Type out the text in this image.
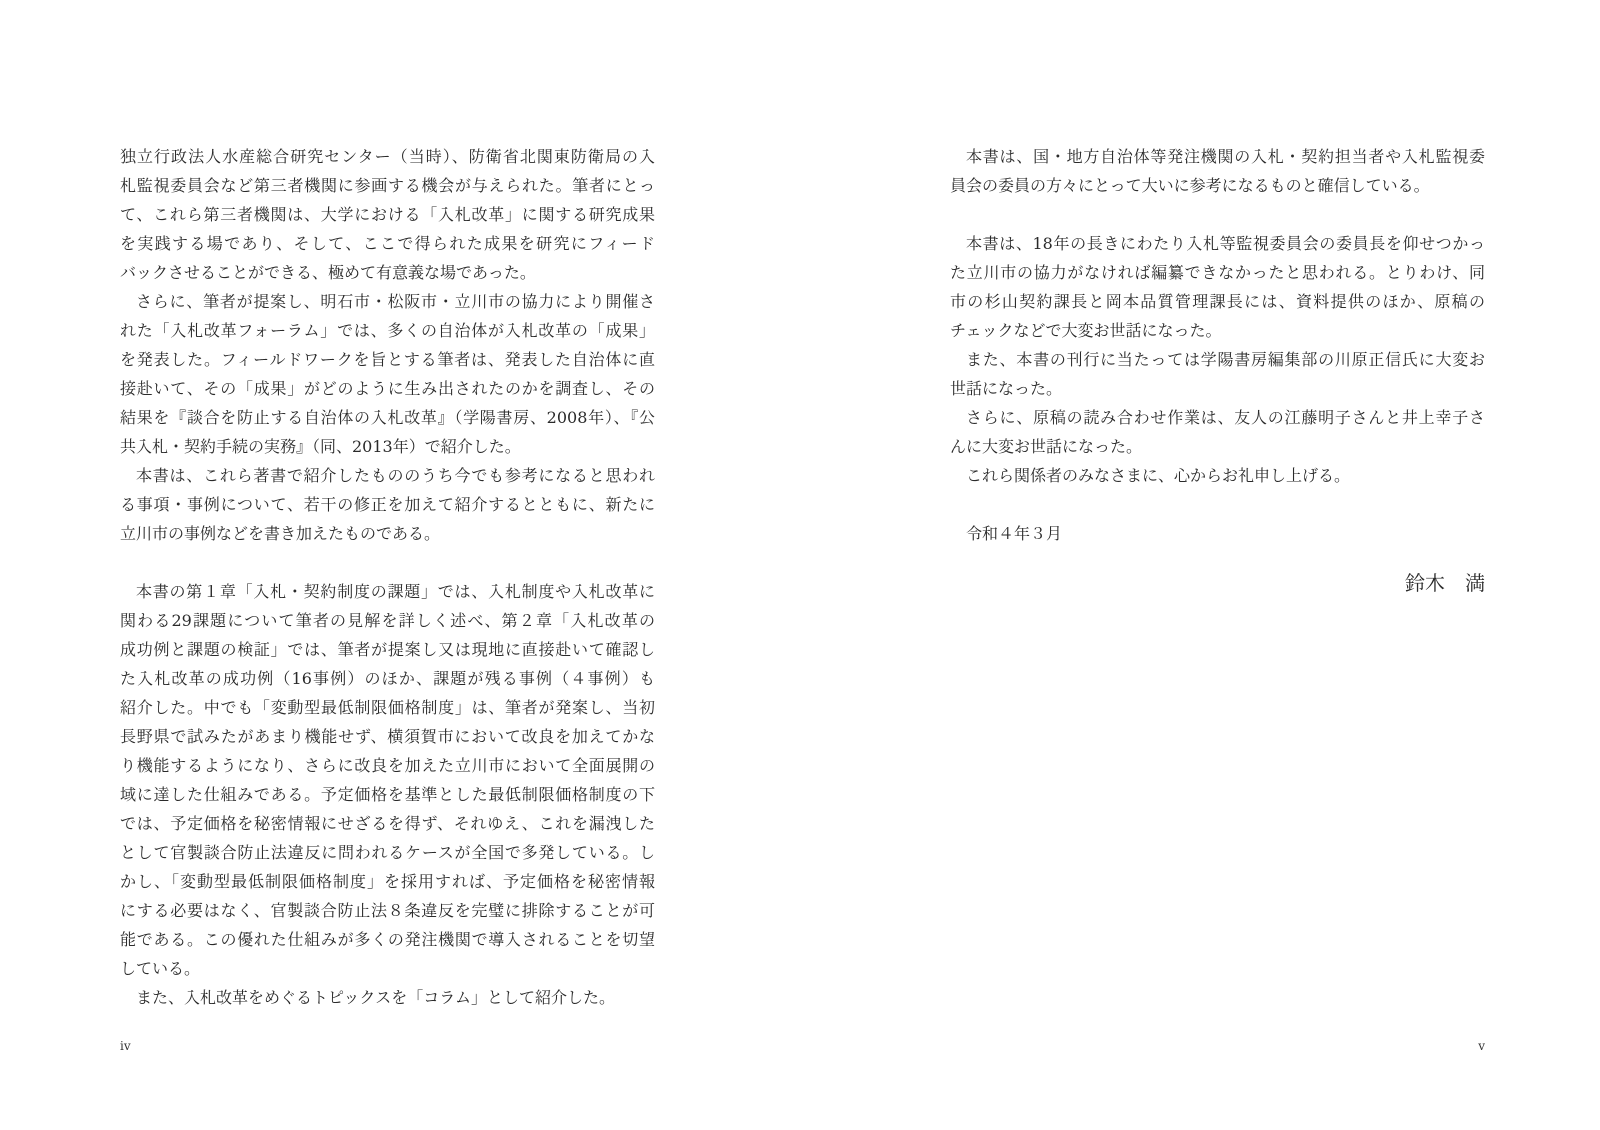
独立行政法人水産総合研究センター（当時）、防衛省北関東防衛局の入
札監視委員会など第三者機関に参画する機会が与えられた。筆者にとっ
て、これら第三者機関は、大学における「入札改革」に関する研究成果
を実践する場であり、そして、ここで得られた成果を研究にフィード
バックさせることができる、極めて有意義な場であった。
さらに、筆者が提案し、明石市・松阪市・立川市の協力により開催さ
れた「入札改革フォーラム」では、多くの自治体が入札改革の「成果」
を発表した。フィールドワークを旨とする筆者は、発表した自治体に直
接赴いて、その「成果」がどのように生み出されたのかを調査し、その
結果を『談合を防止する自治体の入札改革』（学陽書房、2008年）、『公
共入札・契約手続の実務』（同、2013年）で紹介した。
本書は、これら著書で紹介したもののうち今でも参考になると思われ
る事項・事例について、若干の修正を加えて紹介するとともに、新たに
立川市の事例などを書き加えたものである。
本書の第１章「入札・契約制度の課題」では、入札制度や入札改革に
関わる29課題について筆者の見解を詳しく述べ、第２章「入札改革の
成功例と課題の検証」では、筆者が提案し又は現地に直接赴いて確認し
た入札改革の成功例（16事例）のほか、課題が残る事例（４事例）も
紹介した。中でも「変動型最低制限価格制度」は、筆者が発案し、当初
長野県で試みたがあまり機能せず、横須賀市において改良を加えてかな
り機能するようになり、さらに改良を加えた立川市において全面展開の
域に達した仕組みである。予定価格を基準とした最低制限価格制度の下
では、予定価格を秘密情報にせざるを得ず、それゆえ、これを漏洩した
として官製談合防止法違反に問われるケースが全国で多発している。し
かし、「変動型最低制限価格制度」を採用すれば、予定価格を秘密情報
にする必要はなく、官製談合防止法８条違反を完璧に排除することが可
能である。この優れた仕組みが多くの発注機関で導入されることを切望
している。
また、入札改革をめぐるトピックスを「コラム」として紹介した。
本書は、国・地方自治体等発注機関の入札・契約担当者や入札監視委
員会の委員の方々にとって大いに参考になるものと確信している。
本書は、18年の長きにわたり入札等監視委員会の委員長を仰せつかっ
た立川市の協力がなければ編纂できなかったと思われる。とりわけ、同
市の杉山契約課長と岡本品質管理課長には、資料提供のほか、原稿の
チェックなどで大変お世話になった。
また、本書の刊行に当たっては学陽書房編集部の川原正信氏に大変お
世話になった。
さらに、原稿の読み合わせ作業は、友人の江藤明子さんと井上幸子さ
んに大変お世話になった。
これら関係者のみなさまに、心からお礼申し上げる。
令和４年３月
鈴木　満
iv	v
